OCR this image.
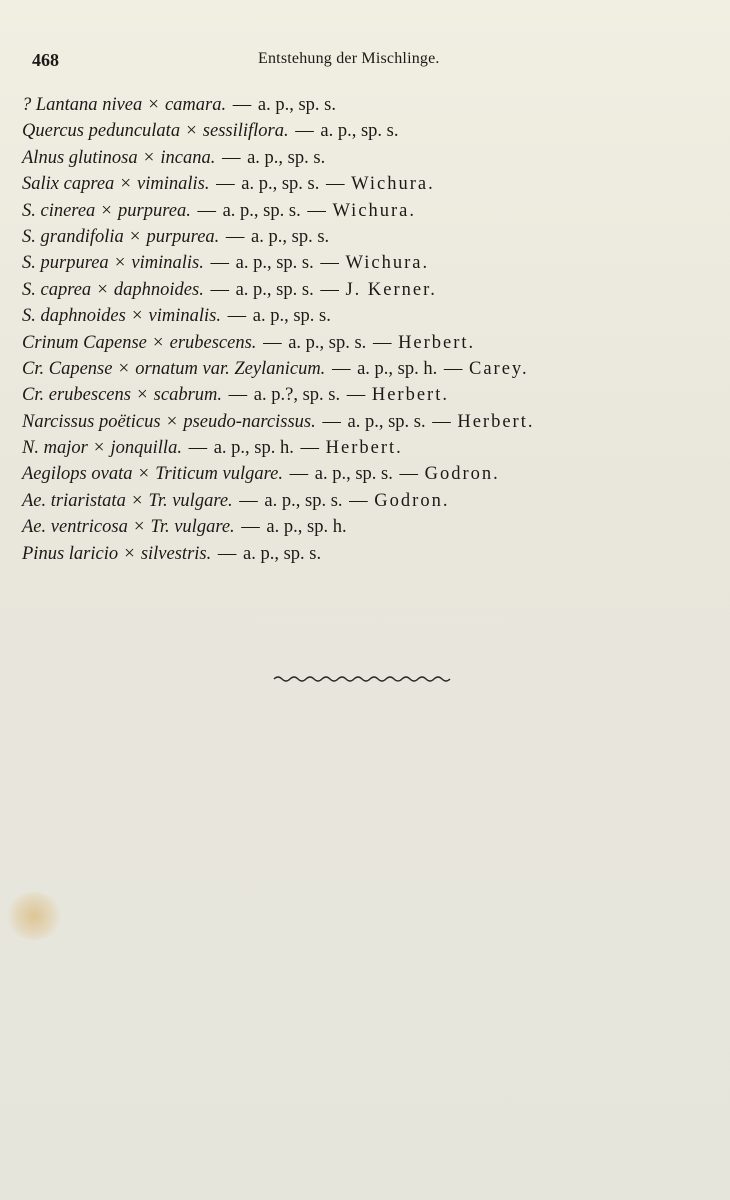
468	Entstehung der Mischlinge.
? Lantana nivea × camara. — a. p., sp. s.
Quercus pedunculata × sessiliflora. — a. p., sp. s.
Alnus glutinosa × incana. — a. p., sp. s.
Salix caprea × viminalis. — a. p., sp. s. — Wichura.
S. cinerea × purpurea. — a. p., sp. s. — Wichura.
S. grandifolia × purpurea. — a. p., sp. s.
S. purpurea × viminalis. — a. p., sp. s. — Wichura.
S. caprea × daphnoides. — a. p., sp. s. — J. Kerner.
S. daphnoides × viminalis. — a. p., sp. s.
Crinum Capense × erubescens. — a. p., sp. s. — Herbert.
Cr. Capense × ornatum var. Zeylanicum. — a. p., sp. h. — Carey.
Cr. erubescens × scabrum. — a. p.?, sp. s. — Herbert.
Narcissus poëticus × pseudo-narcissus. — a. p., sp. s. — Herbert.
N. major × jonquilla. — a. p., sp. h. — Herbert.
Aegilops ovata × Triticum vulgare. — a. p., sp. s. — Godron.
Ae. triaristata × Tr. vulgare. — a. p., sp. s. — Godron.
Ae. ventricosa × Tr. vulgare. — a. p., sp. h.
Pinus laricio × silvestris. — a. p., sp. s.
